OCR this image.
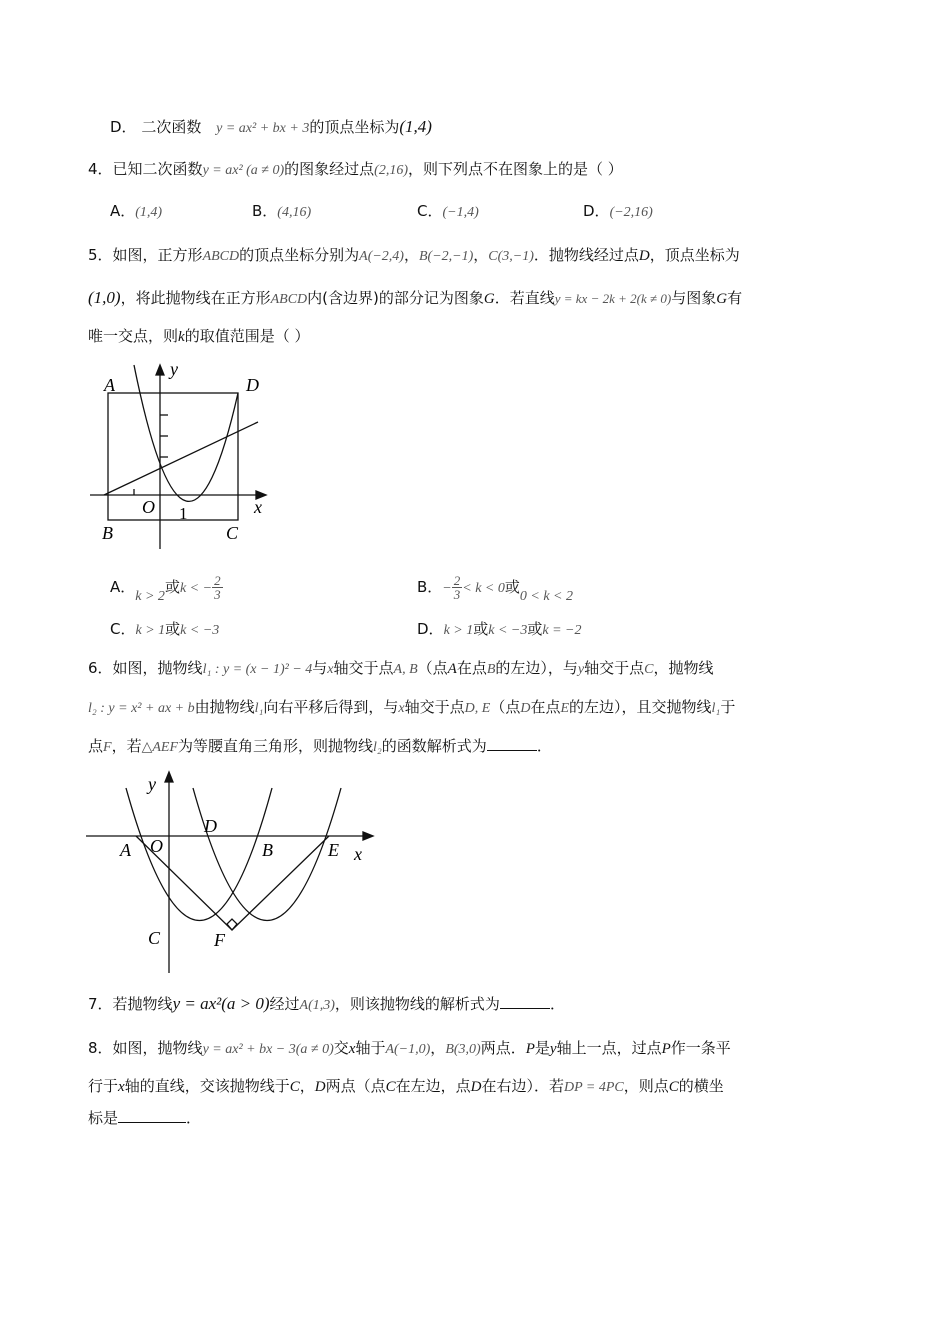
D． 二次函数 y = ax² + bx + 3的顶点坐标为(1,4)
4．已知二次函数y = ax² (a ≠ 0)的图象经过点(2,16)，则下列点不在图象上的是（ ）
A．(1,4)	B．(4,16)	C．(−1,4)	D．(−2,16)
5．如图，正方形ABCD的顶点坐标分别为A(−2,4)，B(−2,−1)，C(3,−1)．抛物线经过点D，顶点坐标为
(1,0)，将此抛物线在正方形ABCD内(含边界)的部分记为图象G．若直线y = kx − 2k + 2(k ≠ 0)与图象G有
唯一交点，则k的取值范围是（ ）
A	D
B	C
O 1	x
y
A．k > 2或k < − $\frac{2}{3}$	B．− $\frac{2}{3} < k < 0$或0 < k < 2
C．k > 1或k < −3	D．k > 1或k < −3或k = −2
6．如图，抛物线l₁ : y = (x − 1)² − 4与x轴交于点A, B（点A在点B的左边），与y轴交于点C，抛物线
l₂ : y = x² + ax + b由抛物线l₁向右平移后得到，与x轴交于点D, E（点D在点E的左边），且交抛物线l₁于
点F，若△AEF为等腰直角三角形，则抛物线l₂的函数解析式为	．
y
D
A O	B	E x
C	F
7．若抛物线y = ax²(a > 0)经过A(1,3)，则该抛物线的解析式为	．
8．如图，抛物线y = ax² + bx − 3(a ≠ 0)交x轴于A(−1,0)，B(3,0)两点．P是y轴上一点，过点P作一条平
行于x轴的直线，交该抛物线于C，D两点（点C在左边，点D在右边）．若DP = 4PC，则点C的横坐
标是	．
